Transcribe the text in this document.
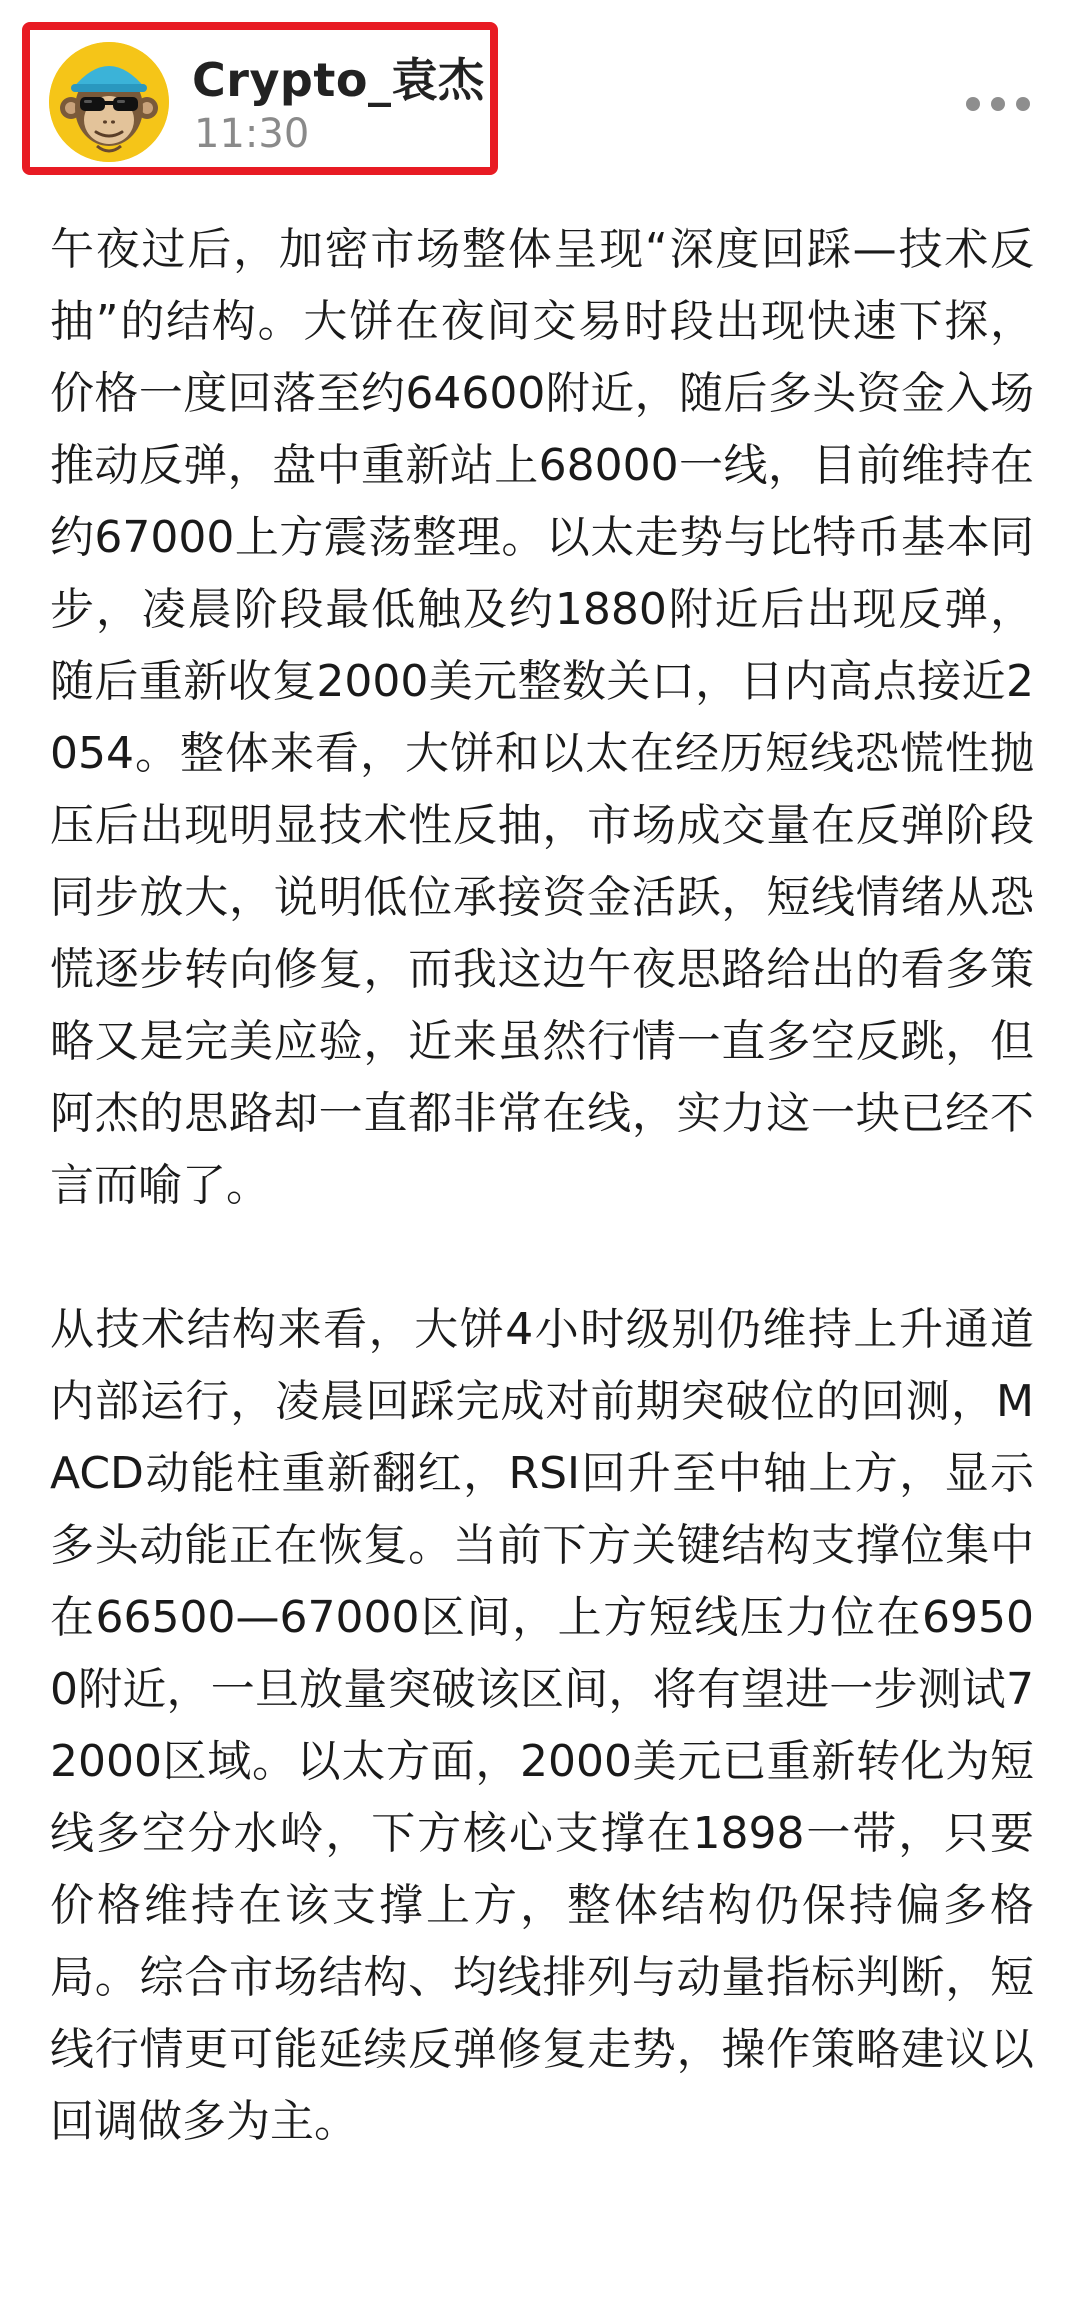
Crypto_袁杰
11:30

午夜过后，加密市场整体呈现“深度回踩—技术反抽”的结构。大饼在夜间交易时段出现快速下探，价格一度回落至约64600附近，随后多头资金入场推动反弹，盘中重新站上68000一线，目前维持在约67000上方震荡整理。以太走势与比特币基本同步，凌晨阶段最低触及约1880附近后出现反弹，随后重新收复2000美元整数关口，日内高点接近2054。整体来看，大饼和以太在经历短线恐慌性抛压后出现明显技术性反抽，市场成交量在反弹阶段同步放大，说明低位承接资金活跃，短线情绪从恐慌逐步转向修复，而我这边午夜思路给出的看多策略又是完美应验，近来虽然行情一直多空反跳，但阿杰的思路却一直都非常在线，实力这一块已经不言而喻了。

从技术结构来看，大饼4小时级别仍维持上升通道内部运行，凌晨回踩完成对前期突破位的回测，MACD动能柱重新翻红，RSI回升至中轴上方，显示多头动能正在恢复。当前下方关键结构支撑位集中在66500—67000区间，上方短线压力位在69500附近，一旦放量突破该区间，将有望进一步测试72000区域。以太方面，2000美元已重新转化为短线多空分水岭，下方核心支撑在1898一带，只要价格维持在该支撑上方，整体结构仍保持偏多格局。综合市场结构、均线排列与动量指标判断，短线行情更可能延续反弹修复走势，操作策略建议以回调做多为主。
